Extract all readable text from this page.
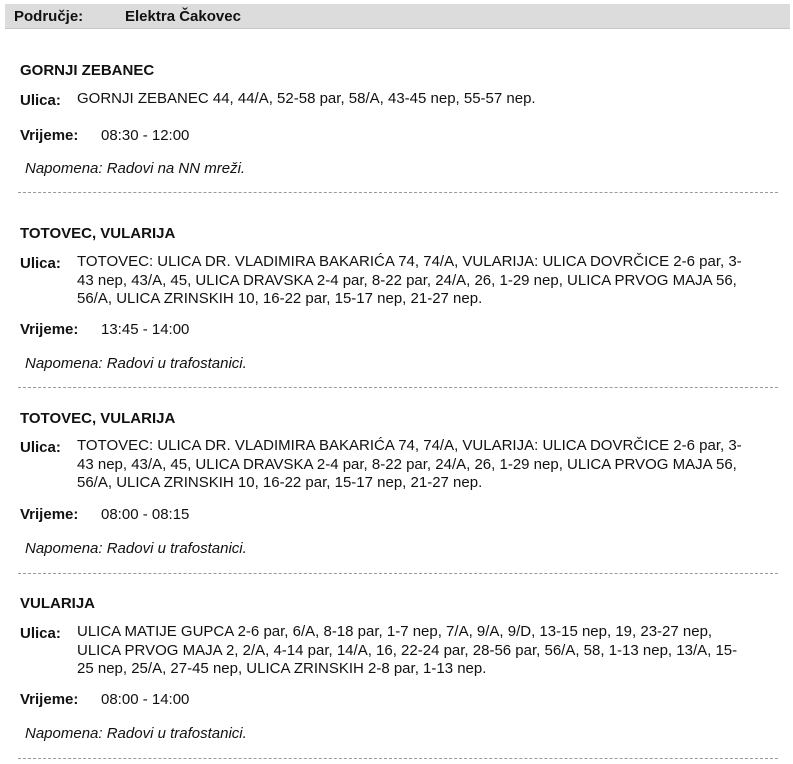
Područje:	Elektra Čakovec
GORNJI ZEBANEC
Ulica: GORNJI ZEBANEC 44, 44/A, 52-58 par, 58/A, 43-45 nep, 55-57 nep.
Vrijeme: 08:30 - 12:00
Napomena: Radovi na NN mreži.
TOTOVEC, VULARIJA
Ulica: TOTOVEC: ULICA DR. VLADIMIRA BAKARIĆA 74, 74/A, VULARIJA: ULICA DOVRČICE 2-6 par, 3-43 nep, 43/A, 45, ULICA DRAVSKA 2-4 par, 8-22 par, 24/A, 26, 1-29 nep, ULICA PRVOG MAJA 56, 56/A, ULICA ZRINSKIH 10, 16-22 par, 15-17 nep, 21-27 nep.
Vrijeme: 13:45 - 14:00
Napomena: Radovi u trafostanici.
TOTOVEC, VULARIJA
Ulica: TOTOVEC: ULICA DR. VLADIMIRA BAKARIĆA 74, 74/A, VULARIJA: ULICA DOVRČICE 2-6 par, 3-43 nep, 43/A, 45, ULICA DRAVSKA 2-4 par, 8-22 par, 24/A, 26, 1-29 nep, ULICA PRVOG MAJA 56, 56/A, ULICA ZRINSKIH 10, 16-22 par, 15-17 nep, 21-27 nep.
Vrijeme: 08:00 - 08:15
Napomena: Radovi u trafostanici.
VULARIJA
Ulica: ULICA MATIJE GUPCA 2-6 par, 6/A, 8-18 par, 1-7 nep, 7/A, 9/A, 9/D, 13-15 nep, 19, 23-27 nep, ULICA PRVOG MAJA 2, 2/A, 4-14 par, 14/A, 16, 22-24 par, 28-56 par, 56/A, 58, 1-13 nep, 13/A, 15-25 nep, 25/A, 27-45 nep, ULICA ZRINSKIH 2-8 par, 1-13 nep.
Vrijeme: 08:00 - 14:00
Napomena: Radovi u trafostanici.
